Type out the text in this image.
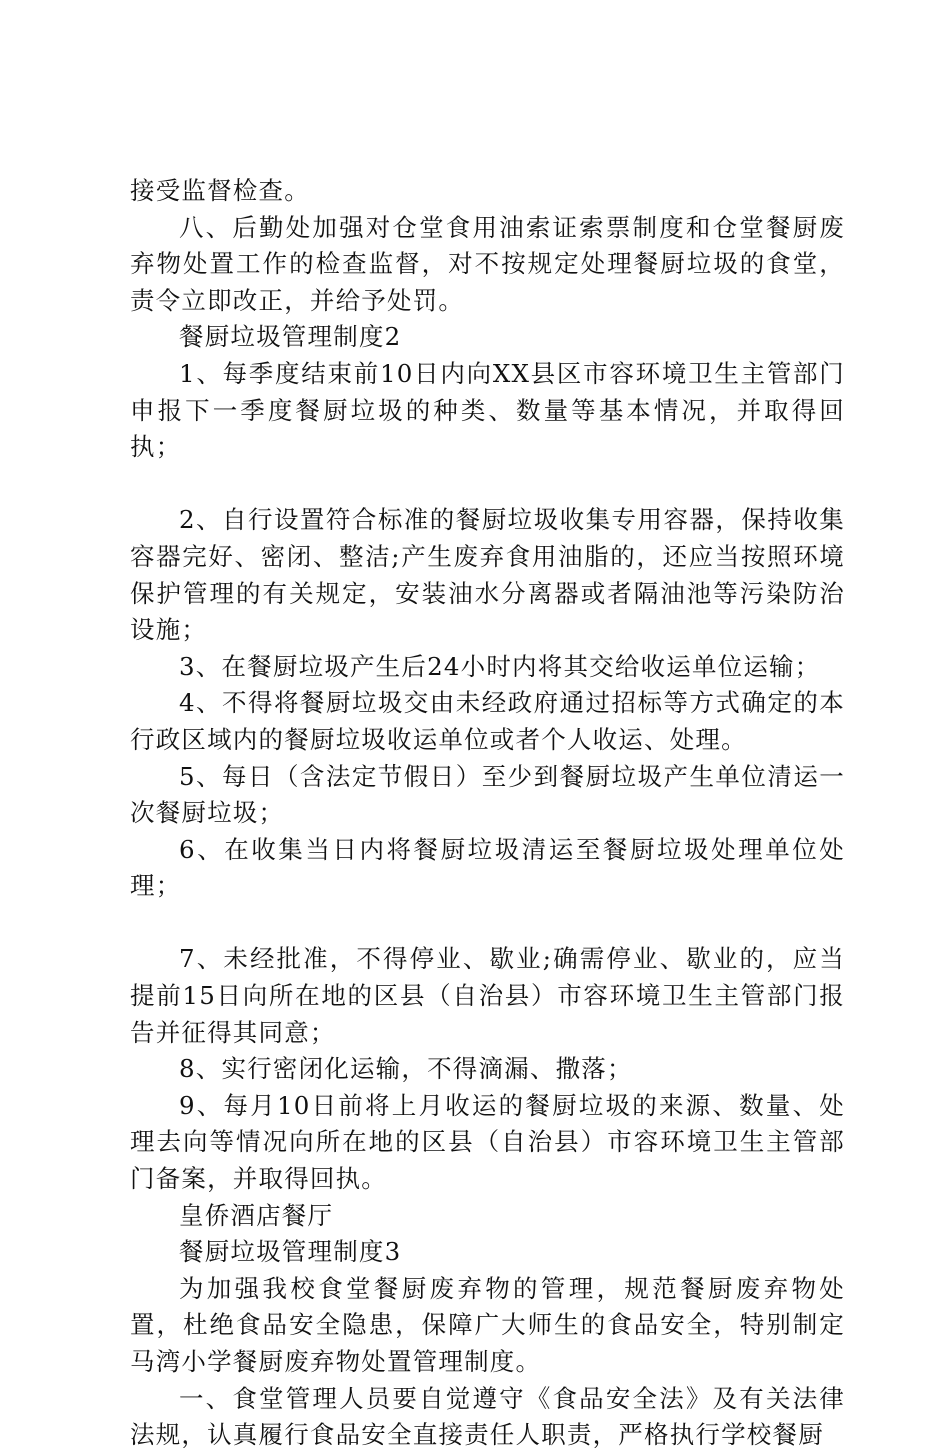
接受监督检查。

八、后勤处加强对仓堂食用油索证索票制度和仓堂餐厨废弃物处置工作的检查监督，对不按规定处理餐厨垃圾的食堂，责令立即改正，并给予处罚。

餐厨垃圾管理制度2

1、每季度结束前10日内向XX县区市容环境卫生主管部门申报下一季度餐厨垃圾的种类、数量等基本情况，并取得回执；

2、自行设置符合标准的餐厨垃圾收集专用容器，保持收集容器完好、密闭、整洁;产生废弃食用油脂的，还应当按照环境保护管理的有关规定，安装油水分离器或者隔油池等污染防治设施；

3、在餐厨垃圾产生后24小时内将其交给收运单位运输；

4、不得将餐厨垃圾交由未经政府通过招标等方式确定的本行政区域内的餐厨垃圾收运单位或者个人收运、处理。

5、每日（含法定节假日）至少到餐厨垃圾产生单位清运一次餐厨垃圾；

6、在收集当日内将餐厨垃圾清运至餐厨垃圾处理单位处理；

7、未经批准，不得停业、歇业;确需停业、歇业的，应当提前15日向所在地的区县（自治县）市容环境卫生主管部门报告并征得其同意；

8、实行密闭化运输，不得滴漏、撒落；

9、每月10日前将上月收运的餐厨垃圾的来源、数量、处理去向等情况向所在地的区县（自治县）市容环境卫生主管部门备案，并取得回执。

皇侨酒店餐厅

餐厨垃圾管理制度3

为加强我校食堂餐厨废弃物的管理，规范餐厨废弃物处置，杜绝食品安全隐患，保障广大师生的食品安全，特别制定马湾小学餐厨废弃物处置管理制度。

一、食堂管理人员要自觉遵守《食品安全法》及有关法律法规，认真履行食品安全直接责任人职责，严格执行学校餐厨
